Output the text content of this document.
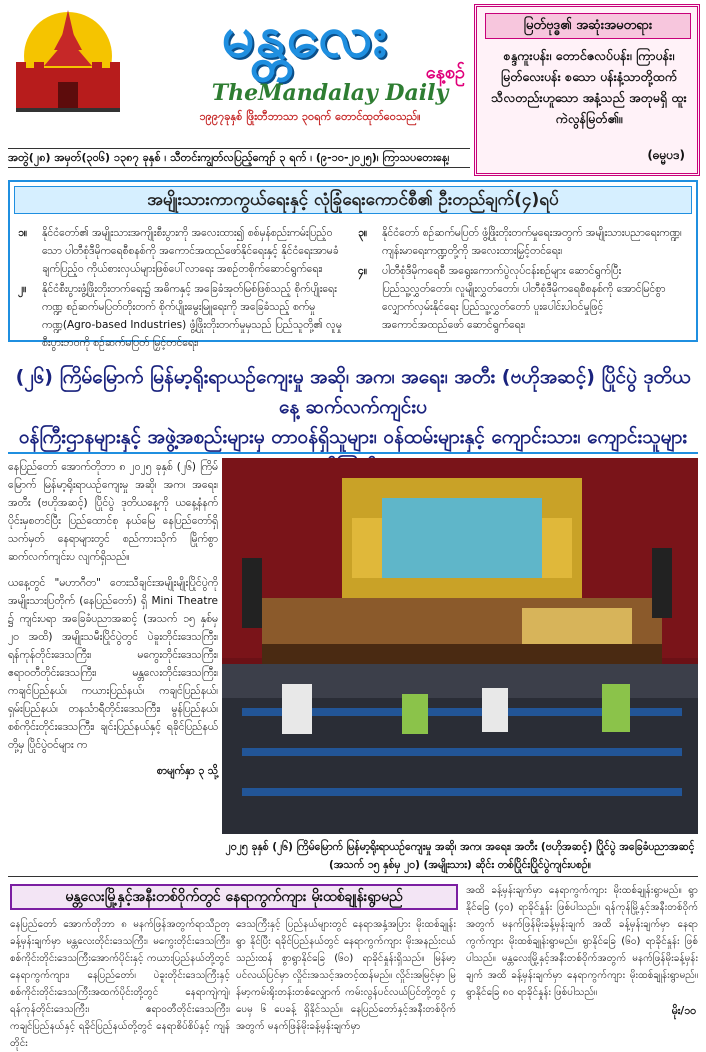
မန္တလေး
နေ့စဉ်
TheMandalay Daily
၁၉၉၇ခုနှစ် ဖြိုးတီဘာသာ ၃၀ရက် တောင်ထုတ်ဝေသည်။
မြတ်ဗုဒ္ဓ၏ အဆုံးအမတရား
စန္ဒကူးပန်း၊ တောင်ဇလပ်ပန်း၊ ကြာပန်း၊ မြတ်လေးပန်း စသော ပန်းနံ့သာတို့ထက် သီလတည်းဟူသော အနံ့သည် အတုမရှိ ထူးကဲလွန်မြတ်၏။
(ဓမ္မပဒ)
အတွဲ(၂၈) အမှတ်(၃၀၆) ၁၃၈၇ ခုနှစ် ၊ သီတင်းကျွတ်လပြည့်ကျော် ၃ ရက် ၊ (၉-၁၀-၂၀၂၅)၊ ကြာသပတေးနေ့၊
အမျိုးသားကာကွယ်ရေးနှင့် လုံခြုံရေးကောင်စီ၏ ဦးတည်ချက်(၄)ရပ်
၁။	နိုင်ငံတော်၏ အမျိုးသားအကျိုးစီးပွားကို အလေးထား၍ စစ်မှန်စည်းကမ်းပြည့်ဝသော ပါတီစုံဒီမိုကရေစီစနစ်ကို အကောင်အထည်ဖော်နိုင်ရေးနှင့် နိုင်ငံရေးအာမခံချက်ပြည့်ဝ ကိုယ်စားလှယ်များဖြစ်ပေါ်လာရေး အစဉ်တစိုက်ဆောင်ရွက်ရေး၊
၂။	နိုင်ငံစီးပွားဖွံ့ဖြိုးတိုးတက်ရေး၌ အဓိကနှင့် အခြေခံအုတ်မြစ်ဖြစ်သည့် စိုက်ပျိုးရေးကဏ္ဍ စဉ်ဆက်မပြတ်တိုးတက် စိုက်ပျိုးမွေးမြူရေးကို အခြေခံသည့် စက်မှုကဏ္ဍ(Agro-based Industries) ဖွံ့ဖြိုးတိုးတက်မှုမှသည် ပြည်သူတို့၏ လူမှုစီးပွားဘဝကို စဉ်ဆက်မပြတ် မြှင့်တင်ရေး၊
၃။	နိုင်ငံတော် စဉ်ဆက်မပြတ် ဖွံ့ဖြိုးတိုးတက်မှုရေးအတွက် အမျိုးသားပညာရေးကဏ္ဍ၊ ကျန်းမာရေးကဏ္ဍတို့ကို အလေးထားမြှင့်တင်ရေး၊
၄။	ပါတီစုံဒီမိုကရေစီ အရွေးကောက်ပွဲလုပ်ငန်းစဉ်များ ဆောင်ရွက်ပြီး ပြည်သူ့လွှတ်တော်၊ လူမျိုးလွှတ်တော်၊ ပါတီစုံဒီမိုကရေစီစနစ်ကို အောင်မြင်စွာ လျှောက်လှမ်းနိုင်ရေး ပြည်သူ့လွှတ်တော် ပူးပေါင်းပါဝင်မှုဖြင့် အကောင်အထည်ဖော် ဆောင်ရွက်ရေး၊
(၂၆) ကြိမ်မြောက် မြန်မာ့ရိုးရာယဉ်ကျေးမှု အဆို၊ အက၊ အရေး၊ အတီး (ဗဟိုအဆင့်) ပြိုင်ပွဲ ဒုတိယနေ့ ဆက်လက်ကျင်းပ
ဝန်ကြီးဌာနများနှင့် အဖွဲ့အစည်းများမှ တာဝန်ရှိသူများ၊ ဝန်ထမ်းများနှင့် ကျောင်းသား၊ ကျောင်းသူများ

နေပြည်တော် အောက်တိုဘာ ၈ ၂၀၂၅ ခုနှစ် (၂၆) ကြိမ်မြောက် မြန်မာ့ရိုးရာယဉ်ကျေးမှု အဆို၊ အက၊ အရေး၊ အတီး (ဗဟိုအဆင့်) ပြိုင်ပွဲ ဒုတိယနေ့ကို ယနေ့နံနက် ပိုင်းမှစတင်ပြီး ပြည်ထောင်စု နယ်မြေ နေပြည်တော်ရှိ သက်မှတ် နေရာများတွင် စည်ကားသိုက် မြိုက်စွာ ဆက်လက်ကျင်းပ လျက်ရှိသည်။

ယနေ့တွင် "မဟာဂီတ" တေးသီချင်းအမျိုးမျိုးပြိုင်ပွဲကို အမျိုးသားပြတိုက် (နေပြည်တော်) ရှိ Mini Theatre ၌ ကျင်းပရာ အခြေခံပညာအဆင့် (အသက် ၁၅ နှစ်မှ ၂၀ အထိ) အမျိုးသမီးပြိုင်ပွဲတွင် ပဲခူးတိုင်းဒေသကြီး၊ ရန်ကုန်တိုင်းဒေသကြီး၊ မကွေးတိုင်းဒေသကြီး၊ ဧရာဝတီတိုင်းဒေသကြီး၊ မန္တလေးတိုင်းဒေသကြီး၊ ကချင်ပြည်နယ်၊ ကယားပြည်နယ်၊ ကချင်ပြည်နယ်၊ ရှမ်းပြည်နယ်၊ တနင်္သာရီတိုင်းဒေသကြီး၊ မွန်ပြည်နယ်၊ စစ်ကိုင်းတိုင်းဒေသကြီး၊ ချင်းပြည်နယ်နှင့် ရခိုင်ပြည်နယ်တို့မှ ပြိုင်ပွဲဝင်များ က

စာမျက်နှာ ၃ သို့

၂၀၂၅ ခုနှစ် (၂၆) ကြိမ်မြောက် မြန်မာ့ရိုးရာယဉ်ကျေးမှု အဆို၊ အက၊ အရေး၊ အတီး (ဗဟိုအဆင့်) ပြိုင်ပွဲ အခြေခံပညာအဆင့် (အသက် ၁၅ နှစ်မှ ၂၀) (အမျိုးသား) ဆိုင်း တစ်ပြိုင်းပြိုင်ပွဲကျင်းပစဉ်။
မန္တလေးမြို့နှင့်အနီးတစ်ဝိုက်တွင် နေရာကွက်ကျား မိုးထစ်ချုန်းရွာမည်

နေပြည်တော် အောက်တိုဘာ ၈ မနက်ဖြန်အတွက်ရာသီဥတုခန့်မှန်းချက်မှာ မန္တလေးတိုင်းဒေသကြီး၊ မကွေးတိုင်းဒေသကြီး၊ စစ်ကိုင်းတိုင်းဒေသကြီးအောက်ပိုင်းနှင့် ကယားပြည်နယ်တို့တွင် နေရာကွက်ကျား၊ နေပြည်တော်၊ ပဲခူးတိုင်းဒေသကြီးနှင့် စစ်ကိုင်းတိုင်းဒေသကြီးအထက်ပိုင်းတို့တွင် နေရာကျဲကျဲ၊ ရန်ကုန်တိုင်းဒေသကြီး၊ ဧရာဝတီတိုင်းဒေသကြီး၊ ကချင်ပြည်နယ်နှင့် ရခိုင်ပြည်နယ်တို့တွင် နေရာစိပ်စိပ်နှင့် ကျန်တိုင်း

ဒေသကြီးနှင့် ပြည်နယ်များတွင် နေရာအနှံ့အပြား မိုးထစ်ချုန်းရွာ နိုင်ပြီး ရခိုင်ပြည်နယ်တွင် နေရာကွက်ကျား မိုးအနည်းငယ်သည်းထန် စွာရွာနိုင်ခြေ (၆၀) ရာခိုင်နှုန်းရှိသည်။ မြန်မာ့ပင်လယ်ပြင်မှာ လှိုင်းအသင့်အတင့်ထန်မည်။ လှိုင်းအမြင့်မှာ မြန်မာ့ကမ်းရိုးတန်းတစ်လျှောက် ကမ်းလွန်ပင်လယ်ပြင်တို့တွင် ၄ ပေမှ ၆ ပေခန့် ရှိနိုင်သည်။ နေပြည်တော်နှင့်အနီးတစ်ဝိုက်အတွက် မနက်ဖြန်မိုးခန့်မှန်းချက်မှာ

အထိ ခန့်မှန်းချက်မှာ နေရာကွက်ကျား မိုးထစ်ချုန်းရွာမည်။ ရွာနိုင်ခြေ (၄၀) ရာခိုင်နှုန်း ဖြစ်ပါသည်။ ရန်ကုန်မြို့နှင့်အနီးတစ်ဝိုက်အတွက် မနက်ဖြန်မိုးခန့်မှန်းချက် အထိ ခန့်မှန်းချက်မှာ နေရာကွက်ကျား မိုးထစ်ချုန်းရွာမည်။ ရွာနိုင်ခြေ (၆၀) ရာခိုင်နှုန်း ဖြစ်ပါသည်။ မန္တလေးမြို့နှင့်အနီးတစ်ဝိုက်အတွက် မနက်ဖြန်မိုးခန့်မှန်းချက် အထိ ခန့်မှန်းချက်မှာ နေရာကွက်ကျား မိုးထစ်ချုန်းရွာမည်။ ရွာနိုင်ခြေ ၈၀ ရာခိုင်နှုန်း ဖြစ်ပါသည်။

မိုး/၁၀
